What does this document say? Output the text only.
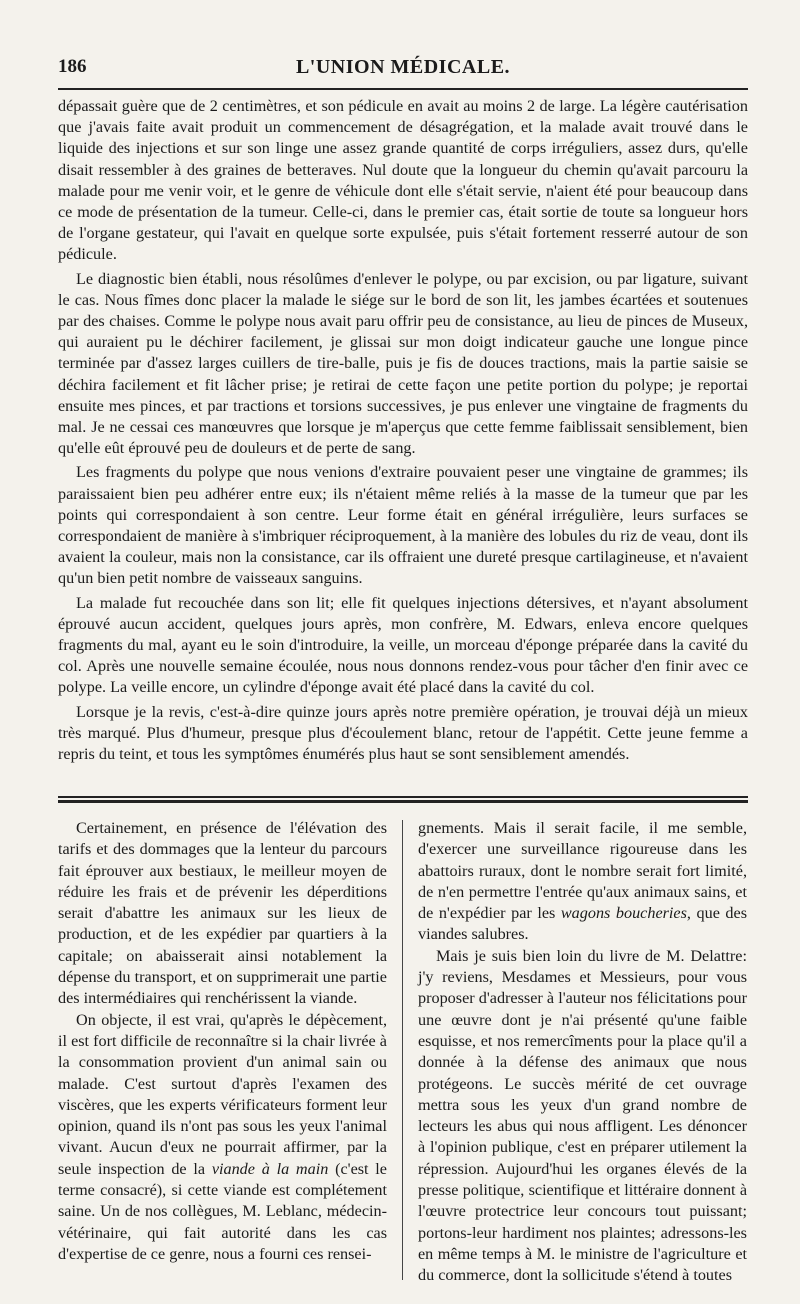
186	L'UNION MÉDICALE.

dépassait guère que de 2 centimètres, et son pédicule en avait au moins 2 de large. La légère cautérisation que j'avais faite avait produit un commencement de désagrégation, et la malade avait trouvé dans le liquide des injections et sur son linge une assez grande quantité de corps irréguliers, assez durs, qu'elle disait ressembler à des graines de betteraves. Nul doute que la longueur du chemin qu'avait parcouru la malade pour me venir voir, et le genre de véhicule dont elle s'était servie, n'aient été pour beaucoup dans ce mode de présentation de la tumeur. Celle-ci, dans le premier cas, était sortie de toute sa longueur hors de l'organe gestateur, qui l'avait en quelque sorte expulsée, puis s'était fortement resserré autour de son pédicule.

Le diagnostic bien établi, nous résolûmes d'enlever le polype, ou par excision, ou par ligature, suivant le cas. Nous fîmes donc placer la malade le siége sur le bord de son lit, les jambes écartées et soutenues par des chaises. Comme le polype nous avait paru offrir peu de consistance, au lieu de pinces de Museux, qui auraient pu le déchirer facilement, je glissai sur mon doigt indicateur gauche une longue pince terminée par d'assez larges cuillers de tire-balle, puis je fis de douces tractions, mais la partie saisie se déchira facilement et fit lâcher prise; je retirai de cette façon une petite portion du polype; je reportai ensuite mes pinces, et par tractions et torsions successives, je pus enlever une vingtaine de fragments du mal. Je ne cessai ces manœuvres que lorsque je m'aperçus que cette femme faiblissait sensiblement, bien qu'elle eût éprouvé peu de douleurs et de perte de sang.

Les fragments du polype que nous venions d'extraire pouvaient peser une vingtaine de grammes; ils paraissaient bien peu adhérer entre eux; ils n'étaient même reliés à la masse de la tumeur que par les points qui correspondaient à son centre. Leur forme était en général irrégulière, leurs surfaces se correspondaient de manière à s'imbriquer réciproquement, à la manière des lobules du riz de veau, dont ils avaient la couleur, mais non la consistance, car ils offraient une dureté presque cartilagineuse, et n'avaient qu'un bien petit nombre de vaisseaux sanguins.

La malade fut recouchée dans son lit; elle fit quelques injections détersives, et n'ayant absolument éprouvé aucun accident, quelques jours après, mon confrère, M. Edwars, enleva encore quelques fragments du mal, ayant eu le soin d'introduire, la veille, un morceau d'éponge préparée dans la cavité du col. Après une nouvelle semaine écoulée, nous nous donnons rendez-vous pour tâcher d'en finir avec ce polype. La veille encore, un cylindre d'éponge avait été placé dans la cavité du col.

Lorsque je la revis, c'est-à-dire quinze jours après notre première opération, je trouvai déjà un mieux très marqué. Plus d'humeur, presque plus d'écoulement blanc, retour de l'appétit. Cette jeune femme a repris du teint, et tous les symptômes énumérés plus haut se sont sensiblement amendés.

Certainement, en présence de l'élévation des tarifs et des dommages que la lenteur du parcours fait éprouver aux bestiaux, le meilleur moyen de réduire les frais et de prévenir les déperditions serait d'abattre les animaux sur les lieux de production, et de les expédier par quartiers à la capitale; on abaisserait ainsi notablement la dépense du transport, et on supprimerait une partie des intermédiaires qui renchérissent la viande.

On objecte, il est vrai, qu'après le dépècement, il est fort difficile de reconnaître si la chair livrée à la consommation provient d'un animal sain ou malade. C'est surtout d'après l'examen des viscères, que les experts vérificateurs forment leur opinion, quand ils n'ont pas sous les yeux l'animal vivant. Aucun d'eux ne pourrait affirmer, par la seule inspection de la viande à la main (c'est le terme consacré), si cette viande est complétement saine. Un de nos collègues, M. Leblanc, médecin-vétérinaire, qui fait autorité dans les cas d'expertise de ce genre, nous a fourni ces rensei-

gnements. Mais il serait facile, il me semble, d'exercer une surveillance rigoureuse dans les abattoirs ruraux, dont le nombre serait fort limité, de n'en permettre l'entrée qu'aux animaux sains, et de n'expédier par les wagons boucheries, que des viandes salubres.

Mais je suis bien loin du livre de M. Delattre: j'y reviens, Mesdames et Messieurs, pour vous proposer d'adresser à l'auteur nos félicitations pour une œuvre dont je n'ai présenté qu'une faible esquisse, et nos remercîments pour la place qu'il a donnée à la défense des animaux que nous protégeons. Le succès mérité de cet ouvrage mettra sous les yeux d'un grand nombre de lecteurs les abus qui nous affligent. Les dénoncer à l'opinion publique, c'est en préparer utilement la répression. Aujourd'hui les organes élevés de la presse politique, scientifique et littéraire donnent à l'œuvre protectrice leur concours tout puissant; portons-leur hardiment nos plaintes; adressons-les en même temps à M. le ministre de l'agriculture et du commerce, dont la sollicitude s'étend à toutes
